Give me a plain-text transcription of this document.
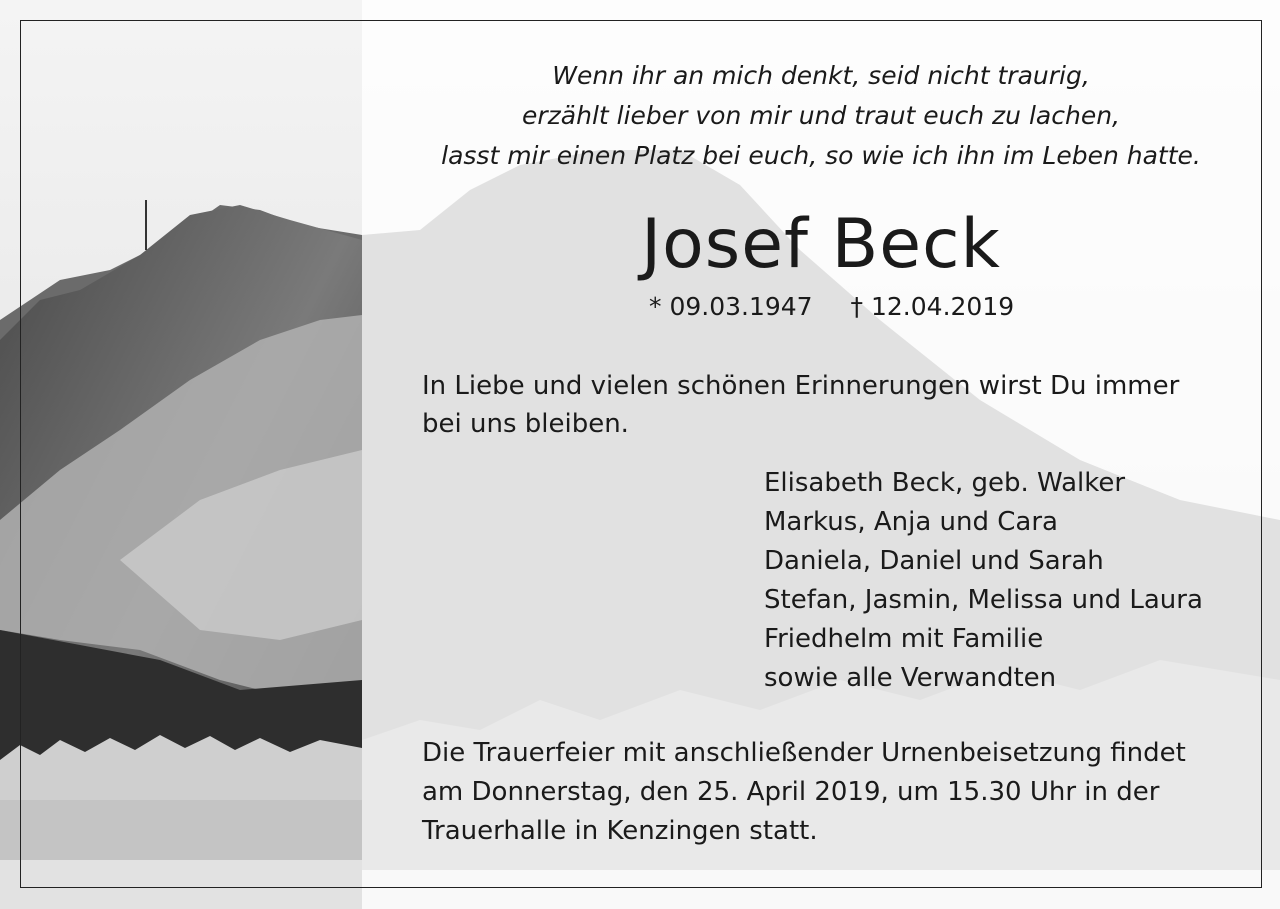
Wenn ihr an mich denkt, seid nicht traurig,
erzählt lieber von mir und traut euch zu lachen,
lasst mir einen Platz bei euch, so wie ich ihn im Leben hatte.
Josef Beck
* 09.03.1947 † 12.04.2019
In Liebe und vielen schönen Erinnerungen wirst Du immer
bei uns bleiben.
Elisabeth Beck, geb. Walker
Markus, Anja und Cara
Daniela, Daniel und Sarah
Stefan, Jasmin, Melissa und Laura
Friedhelm mit Familie
sowie alle Verwandten
Die Trauerfeier mit anschließender Urnenbeisetzung findet
am Donnerstag, den 25. April 2019, um 15.30 Uhr in der
Trauerhalle in Kenzingen statt.
